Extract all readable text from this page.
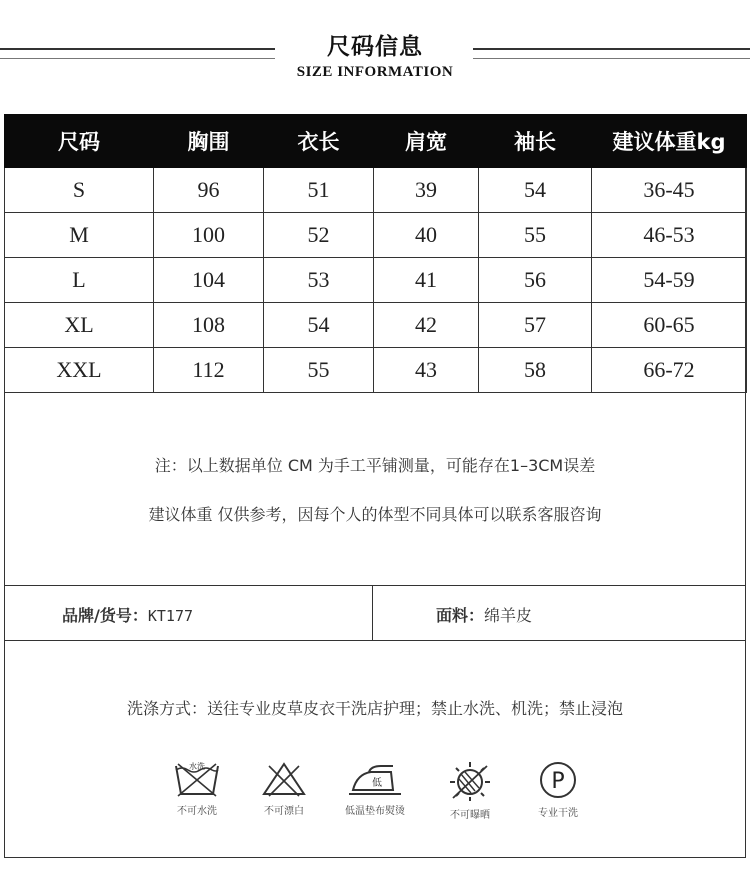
尺码信息
SIZE INFORMATION
尺码	胸围	衣长	肩宽	袖长	建议体重kg
S	96	51	39	54	36-45
M	100	52	40	55	46-53
L	104	53	41	56	54-59
XL	108	54	42	57	60-65
XXL	112	55	43	58	66-72
注：以上数据单位 CM 为手工平铺测量，可能存在1–3CM误差
建议体重 仅供参考，因每个人的体型不同具体可以联系客服咨询
品牌/货号：KT177	面料：绵羊皮
洗涤方式：送往专业皮草皮衣干洗店护理；禁止水洗、机洗；禁止浸泡
水洗
不可水洗	不可漂白
低
低温垫布熨烫	不可曝晒
P
专业干洗
